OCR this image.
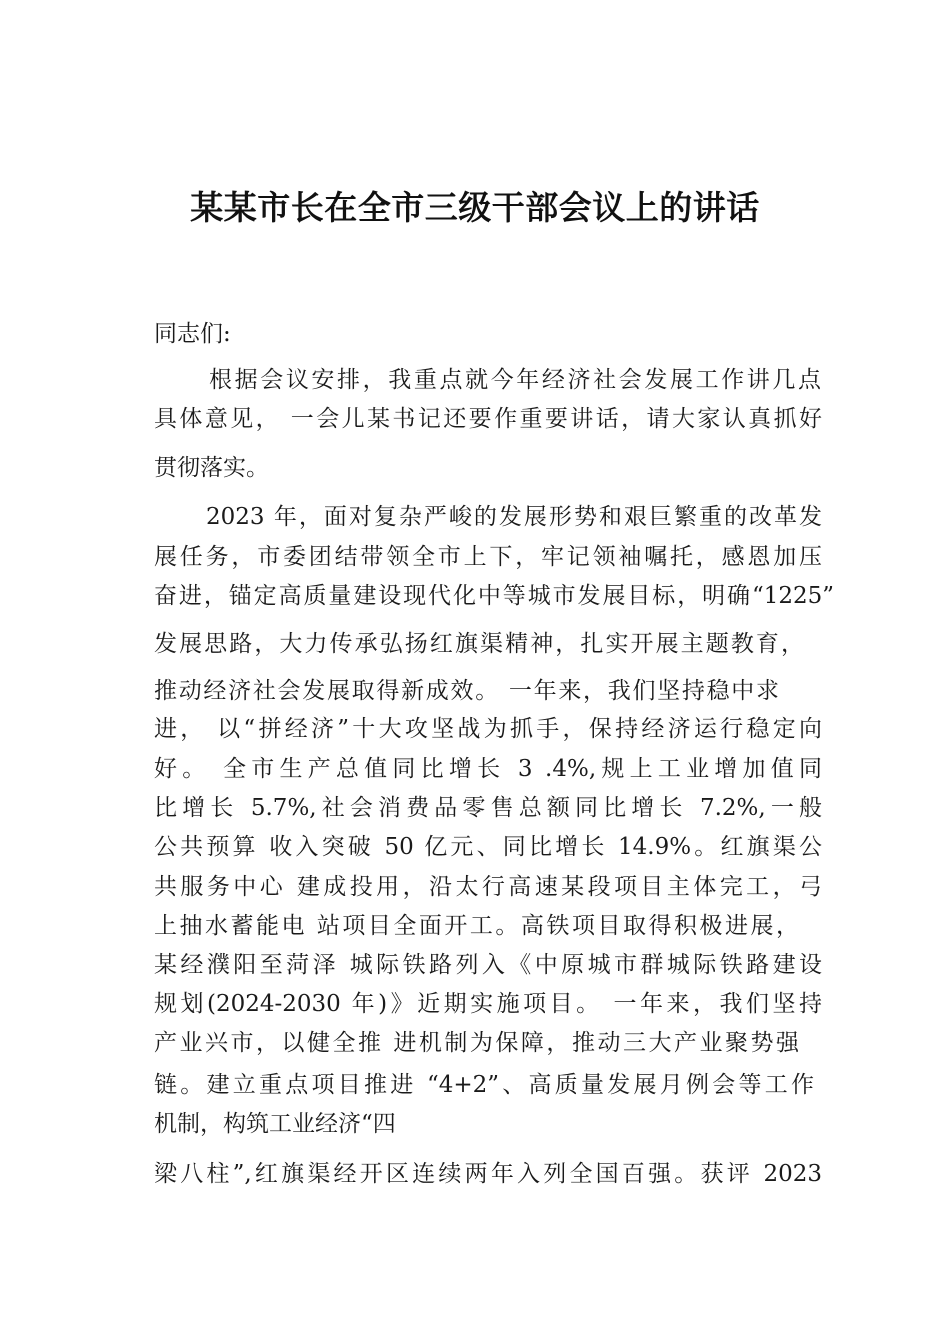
某某市长在全市三级干部会议上的讲话
同志们:
根据会议安排，我重点就今年经济社会发展工作讲几点
具体意见， 一会儿某书记还要作重要讲话，请大家认真抓好
贯彻落实。
2023 年，面对复杂严峻的发展形势和艰巨繁重的改革发
展任务，市委团结带领全市上下，牢记领袖嘱托，感恩加压
奋进，锚定高质量建设现代化中等城市发展目标，明确“1225”
发展思路，大力传承弘扬红旗渠精神，扎实开展主题教育，
推动经济社会发展取得新成效。 一年来，我们坚持稳中求
进， 以“拼经济”十大攻坚战为抓手，保持经济运行稳定向
好。 全市生产总值同比增长 3 .4%,规上工业增加值同
比增长 5.7%,社会消费品零售总额同比增长 7.2%,一般
公共预算 收入突破 50 亿元、同比增长 14.9%。红旗渠公
共服务中心 建成投用，沿太行高速某段项目主体完工，弓
上抽水蓄能电 站项目全面开工。高铁项目取得积极进展，
某经濮阳至菏泽 城际铁路列入《中原城市群城际铁路建设
规划(2024-2030 年)》近期实施项目。 一年来，我们坚持
产业兴市，以健全推 进机制为保障，推动三大产业聚势强
链。建立重点项目推进 “4+2”、高质量发展月例会等工作
机制，构筑工业经济“四
梁八柱”,红旗渠经开区连续两年入列全国百强。获评 2023
